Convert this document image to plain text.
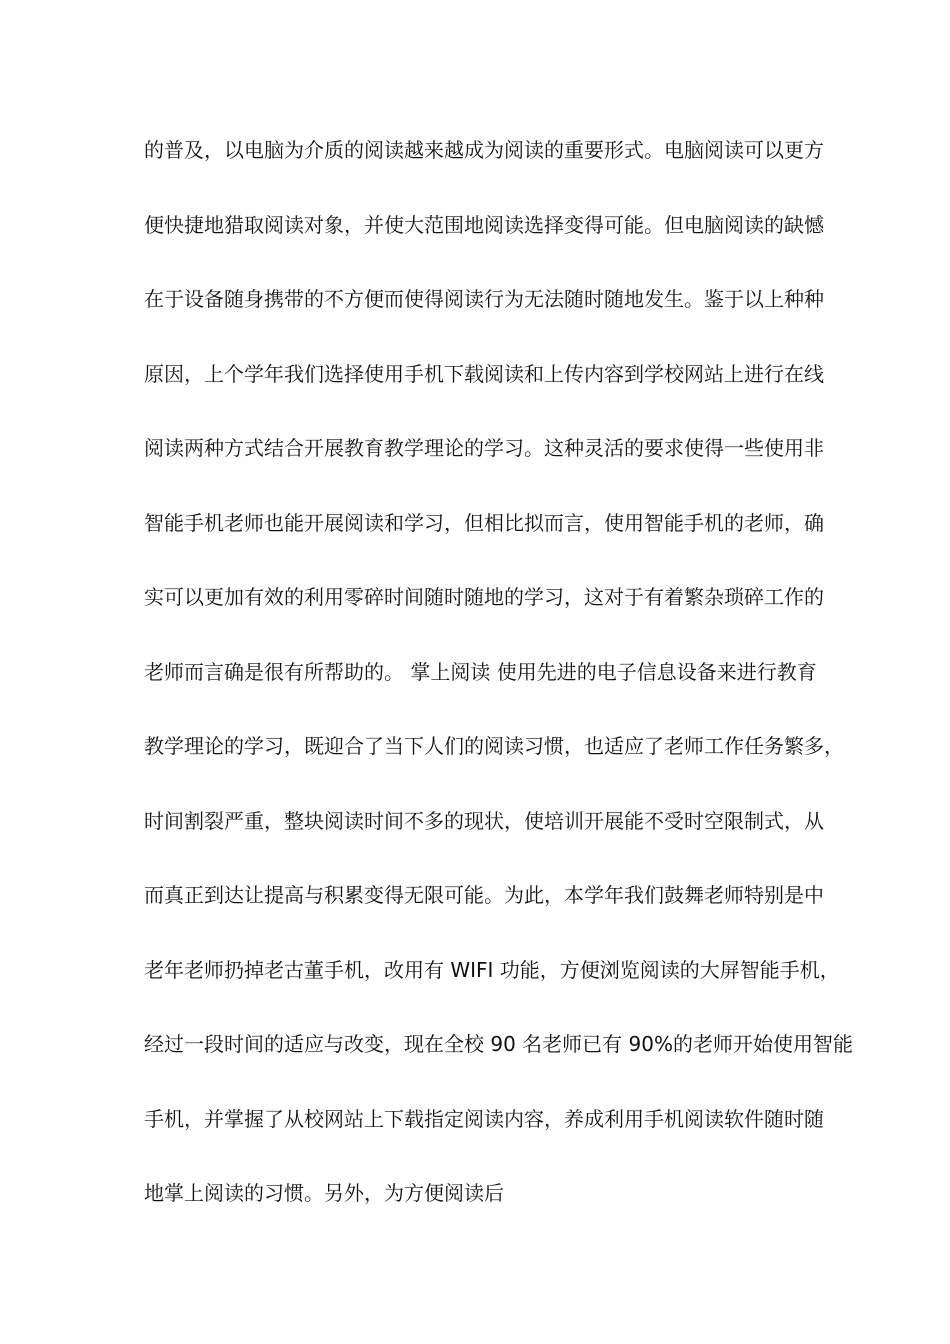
的普及，以电脑为介质的阅读越来越成为阅读的重要形式。电脑阅读可以更方
便快捷地猎取阅读对象，并使大范围地阅读选择变得可能。但电脑阅读的缺憾
在于设备随身携带的不方便而使得阅读行为无法随时随地发生。鉴于以上种种
原因，上个学年我们选择使用手机下载阅读和上传内容到学校网站上进行在线
阅读两种方式结合开展教育教学理论的学习。这种灵活的要求使得一些使用非
智能手机老师也能开展阅读和学习，但相比拟而言，使用智能手机的老师，确
实可以更加有效的利用零碎时间随时随地的学习，这对于有着繁杂琐碎工作的
老师而言确是很有所帮助的。 掌上阅读 使用先进的电子信息设备来进行教育
教学理论的学习，既迎合了当下人们的阅读习惯，也适应了老师工作任务繁多，
时间割裂严重，整块阅读时间不多的现状，使培训开展能不受时空限制式，从
而真正到达让提高与积累变得无限可能。为此，本学年我们鼓舞老师特别是中
老年老师扔掉老古董手机，改用有 WIFI 功能，方便浏览阅读的大屏智能手机，
经过一段时间的适应与改变，现在全校 90 名老师已有 90%的老师开始使用智能
手机，并掌握了从校网站上下载指定阅读内容，养成利用手机阅读软件随时随
地掌上阅读的习惯。另外，为方便阅读后
